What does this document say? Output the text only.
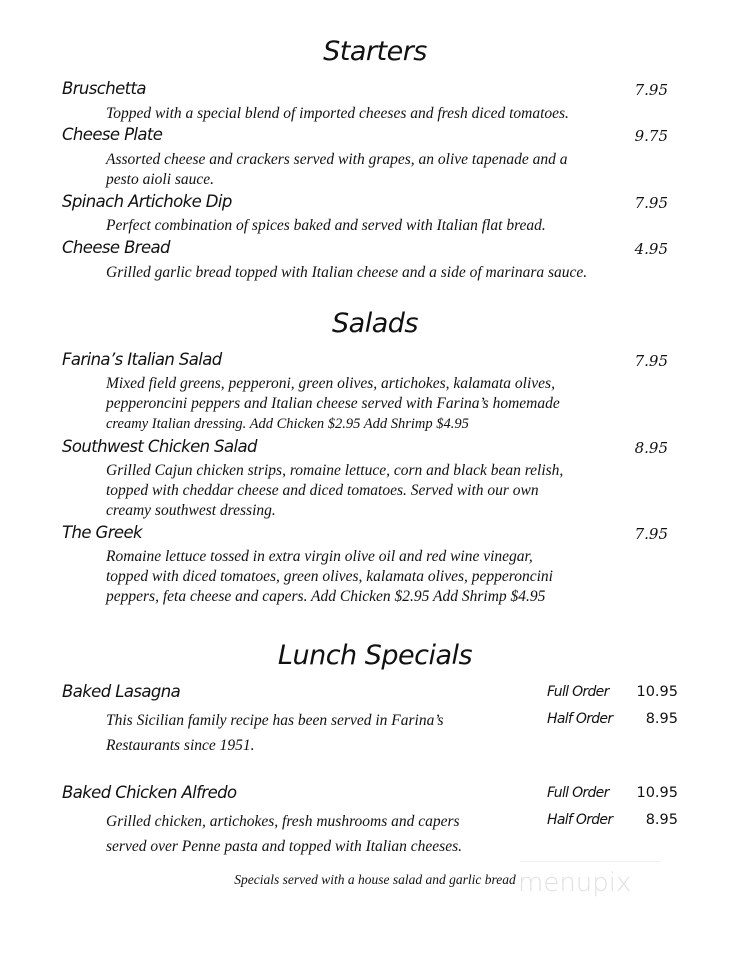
Starters
Bruschetta	7.95
Topped with a special blend of imported cheeses and fresh diced tomatoes.
Cheese Plate	9.75
Assorted cheese and crackers served with grapes, an olive tapenade and a
pesto aioli sauce.
Spinach Artichoke Dip	7.95
Perfect combination of spices baked and served with Italian flat bread.
Cheese Bread	4.95
Grilled garlic bread topped with Italian cheese and a side of marinara sauce.
Salads
Farina’s Italian Salad	7.95
Mixed field greens, pepperoni, green olives, artichokes, kalamata olives,
pepperoncini peppers and Italian cheese served with Farina’s homemade
creamy Italian dressing. Add Chicken $2.95 Add Shrimp $4.95
Southwest Chicken Salad	8.95
Grilled Cajun chicken strips, romaine lettuce, corn and black bean relish,
topped with cheddar cheese and diced tomatoes. Served with our own
creamy southwest dressing.
The Greek	7.95
Romaine lettuce tossed in extra virgin olive oil and red wine vinegar,
topped with diced tomatoes, green olives, kalamata olives, pepperoncini
peppers, feta cheese and capers. Add Chicken $2.95 Add Shrimp $4.95
Lunch Specials
Baked Lasagna	Full Order 10.95
Half Order 8.95
This Sicilian family recipe has been served in Farina’s
Restaurants since 1951.
Baked Chicken Alfredo	Full Order 10.95
Half Order 8.95
Grilled chicken, artichokes, fresh mushrooms and capers
served over Penne pasta and topped with Italian cheeses.
menupix
Specials served with a house salad and garlic bread
